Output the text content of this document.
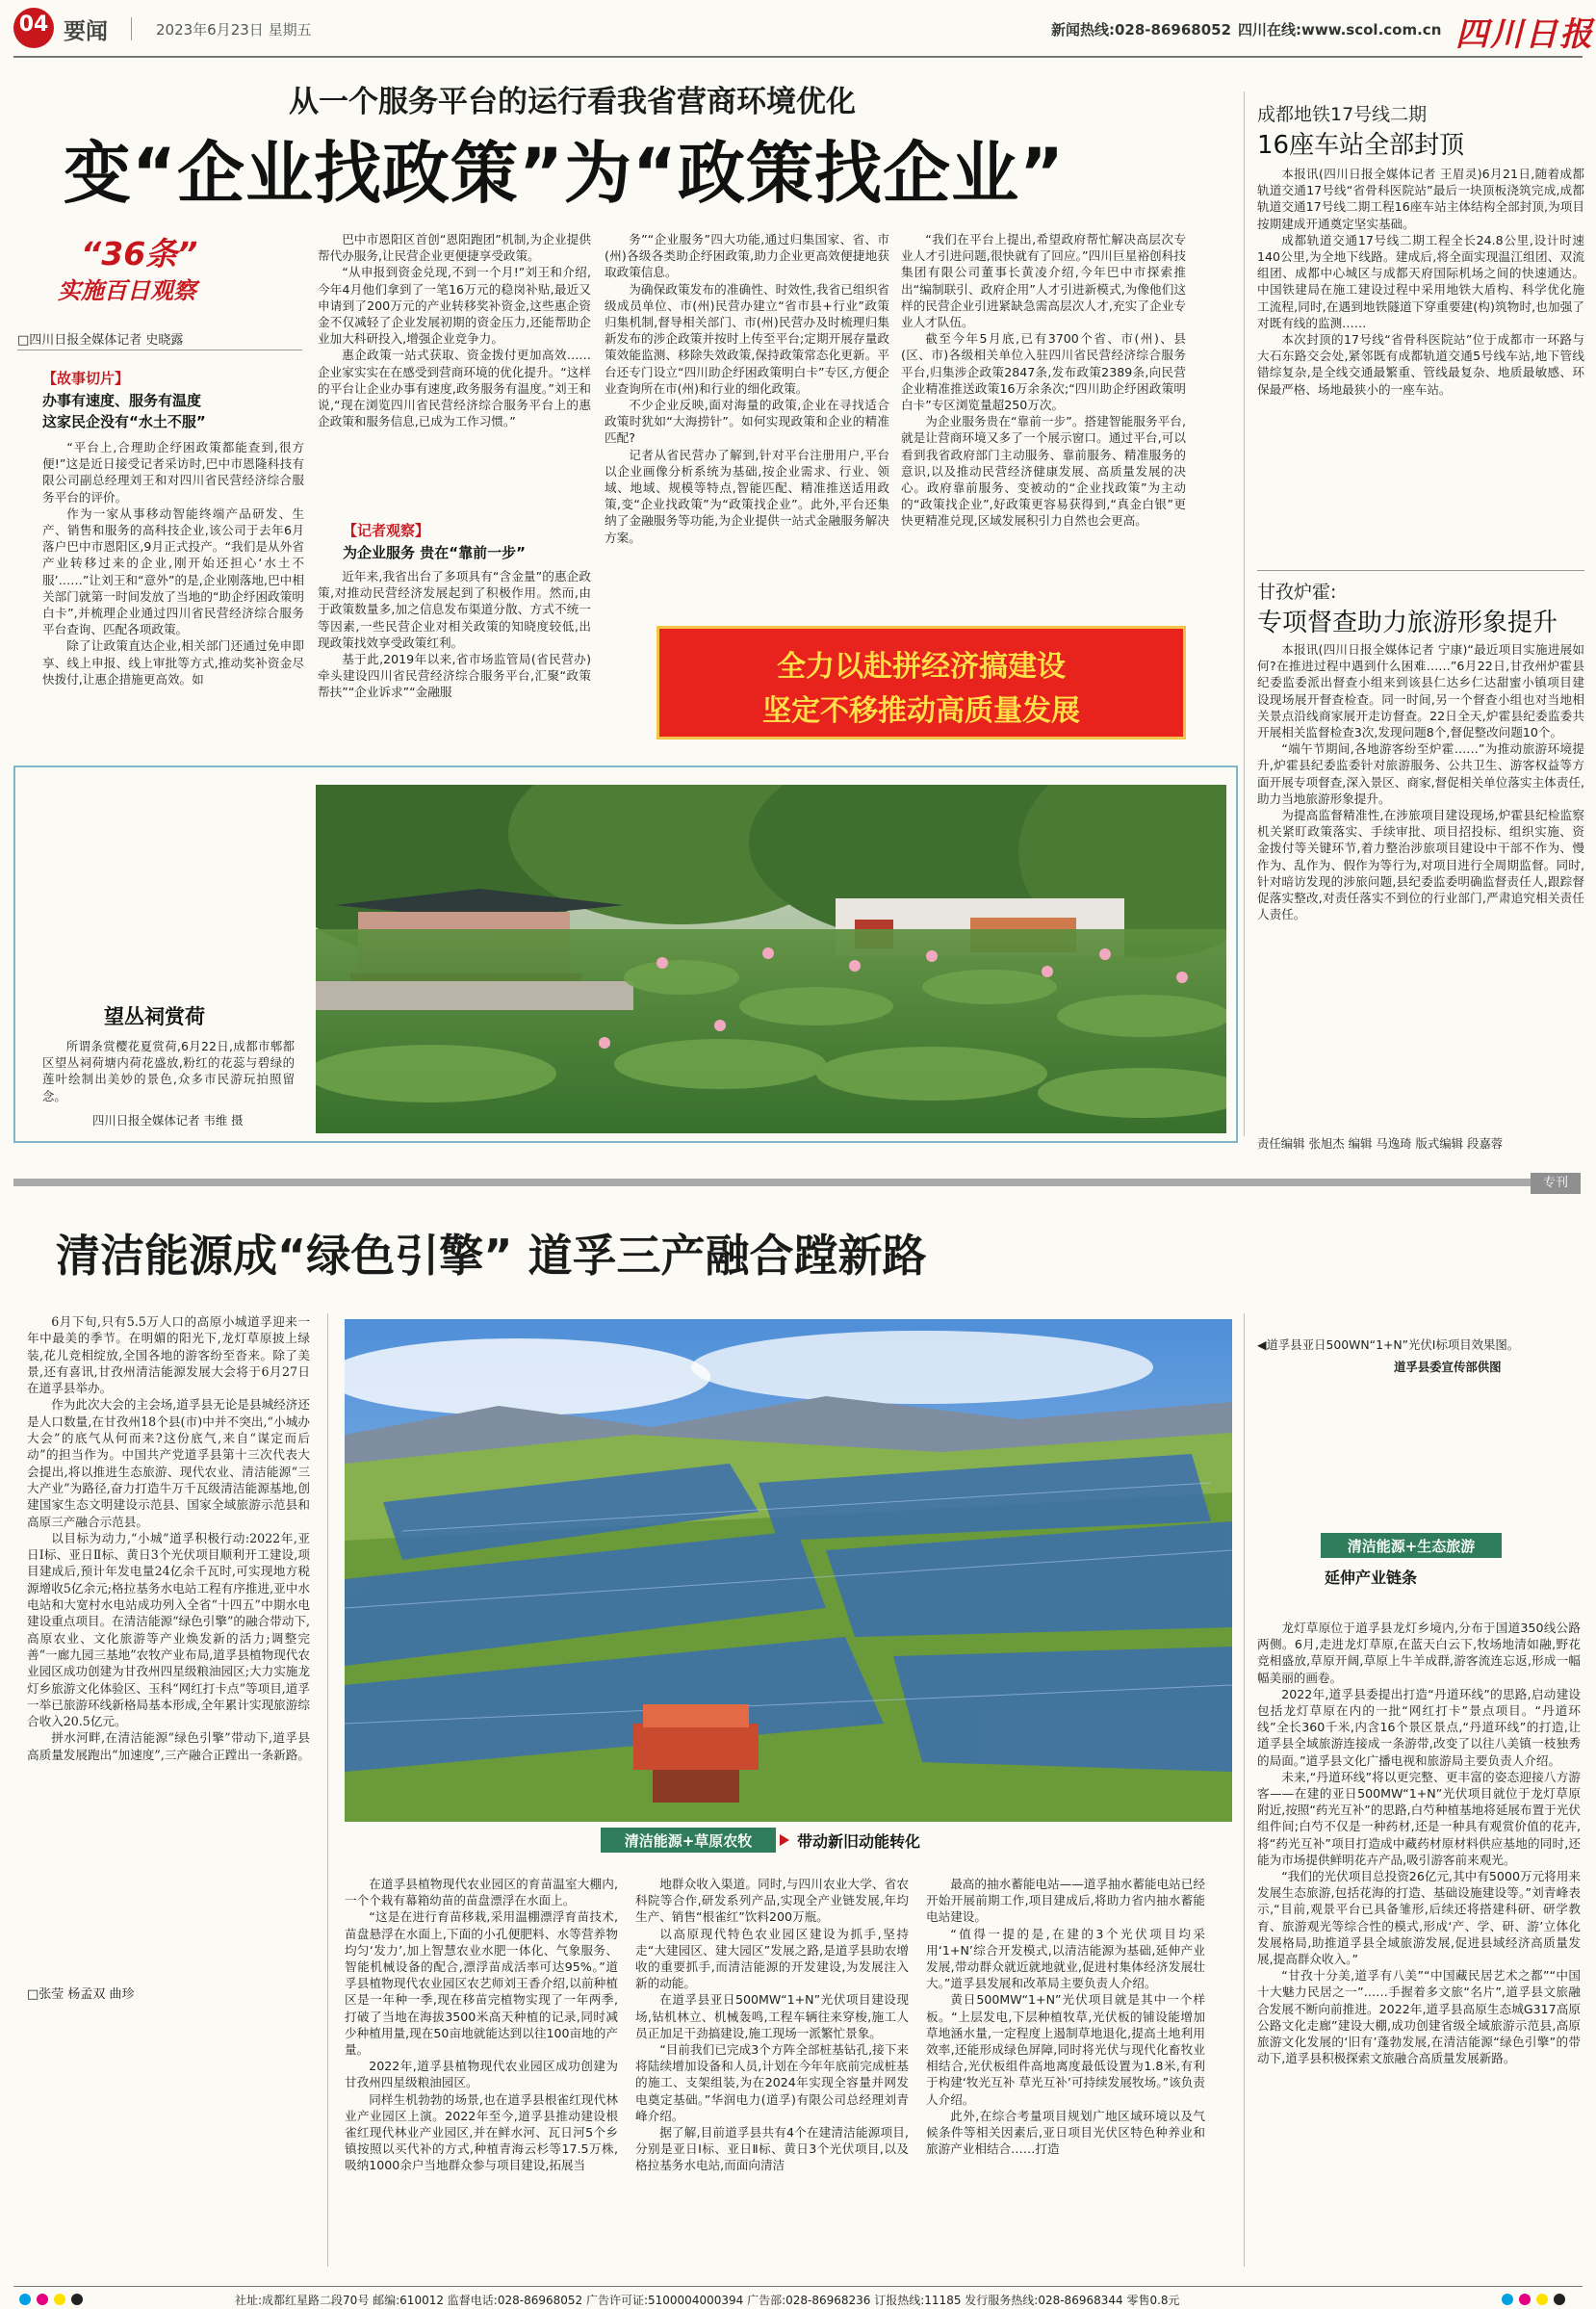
04 要闻	2023年6月23日 星期五	新闻热线:028-86968052 四川在线:www.scol.com.cn 四川日报
从一个服务平台的运行看我省营商环境优化
变“企业找政策”为“政策找企业”
“36条”
实施百日观察
□四川日报全媒体记者 史晓露
【故事切片】
办事有速度、服务有温度
这家民企没有“水土不服”

“平台上,合理助企纾困政策都能查到,很方便!”这是近日接受记者采访时,巴中市恩隆科技有限公司副总经理刘王和对四川省民营经济综合服务平台的评价。

作为一家从事移动智能终端产品研发、生产、销售和服务的高科技企业,该公司于去年6月落户巴中市恩阳区,9月正式投产。“我们是从外省产业转移过来的企业,刚开始还担心‘水土不服’……”让刘王和“意外”的是,企业刚落地,巴中相关部门就第一时间发放了当地的“助企纾困政策明白卡”,并梳理企业通过四川省民营经济综合服务平台查询、匹配各项政策。

除了让政策直达企业,相关部门还通过免申即享、线上申报、线上审批等方式,推动奖补资金尽快拨付,让惠企措施更高效。如

巴中市恩阳区首创“恩阳跑团”机制,为企业提供帮代办服务,让民营企业更便捷享受政策。

“从申报到资金兑现,不到一个月!”刘王和介绍,今年4月他们拿到了一笔16万元的稳岗补贴,最近又申请到了200万元的产业转移奖补资金,这些惠企资金不仅减轻了企业发展初期的资金压力,还能帮助企业加大科研投入,增强企业竞争力。

惠企政策一站式获取、资金拨付更加高效……企业家实实在在感受到营商环境的优化提升。“这样的平台让企业办事有速度,政务服务有温度。”刘王和说,“现在浏览四川省民营经济综合服务平台上的惠企政策和服务信息,已成为工作习惯。”

【记者观察】
为企业服务 贵在“靠前一步”

近年来,我省出台了多项具有“含金量”的惠企政策,对推动民营经济发展起到了积极作用。然而,由于政策数量多,加之信息发布渠道分散、方式不统一等因素,一些民营企业对相关政策的知晓度较低,出现政策找效享受政策红利。

基于此,2019年以来,省市场监管局(省民营办)牵头建设四川省民营经济综合服务平台,汇聚“政策帮扶”“企业诉求”“金融服

务”“企业服务”四大功能,通过归集国家、省、市(州)各级各类助企纾困政策,助力企业更高效便捷地获取政策信息。

为确保政策发布的准确性、时效性,我省已组织省级成员单位、市(州)民营办建立“省市县+行业”政策归集机制,督导相关部门、市(州)民营办及时梳理归集新发布的涉企政策并按时上传至平台;定期开展存量政策效能监测、移除失效政策,保持政策常态化更新。平台还专门设立“四川助企纾困政策明白卡”专区,方便企业查询所在市(州)和行业的细化政策。

不少企业反映,面对海量的政策,企业在寻找适合政策时犹如“大海捞针”。如何实现政策和企业的精准匹配?

记者从省民营办了解到,针对平台注册用户,平台以企业画像分析系统为基础,按企业需求、行业、领域、地域、规模等特点,智能匹配、精准推送适用政策,变“企业找政策”为“政策找企业”。此外,平台还集纳了金融服务等功能,为企业提供一站式金融服务解决方案。

“我们在平台上提出,希望政府帮忙解决高层次专业人才引进问题,很快就有了回应。”四川巨星裕创科技集团有限公司董事长黄凌介绍,今年巴中市探索推出“编制联引、政府企用”人才引进新模式,为像他们这样的民营企业引进紧缺急需高层次人才,充实了企业专业人才队伍。

截至今年5月底,已有3700个省、市(州)、县(区、市)各级相关单位入驻四川省民营经济综合服务平台,归集涉企政策2847条,发布政策2389条,向民营企业精准推送政策16万余条次;“四川助企纾困政策明白卡”专区浏览量超250万次。

为企业服务贵在“靠前一步”。搭建智能服务平台,就是让营商环境又多了一个展示窗口。通过平台,可以看到我省政府部门主动服务、靠前服务、精准服务的意识,以及推动民营经济健康发展、高质量发展的决心。政府靠前服务、变被动的“企业找政策”为主动的“政策找企业”,好政策更容易获得到,“真金白银”更快更精准兑现,区域发展积引力自然也会更高。

全力以赴拼经济搞建设
坚定不移推动高质量发展
成都地铁17号线二期
16座车站全部封顶

本报讯(四川日报全媒体记者 王眉灵)6月21日,随着成都轨道交通17号线“省骨科医院站”最后一块顶板浇筑完成,成都轨道交通17号线二期工程16座车站主体结构全部封顶,为项目按期建成开通奠定坚实基础。

成都轨道交通17号线二期工程全长24.8公里,设计时速140公里,为全地下线路。建成后,将全面实现温江组团、双流组团、成都中心城区与成都天府国际机场之间的快速通达。中国铁建局在施工建设过程中采用地铁大盾构、科学优化施工流程,同时,在遇到地铁隧道下穿重要建(构)筑物时,也加强了对既有线的监测……

本次封顶的17号线“省骨科医院站”位于成都市一环路与大石东路交会处,紧邻既有成都轨道交通5号线车站,地下管线错综复杂,是全线交通最繁重、管线最复杂、地质最敏感、环保最严格、场地最狭小的一座车站。

甘孜炉霍:
专项督查助力旅游形象提升

本报讯(四川日报全媒体记者 宁康)“最近项目实施进展如何?在推进过程中遇到什么困难……”6月22日,甘孜州炉霍县纪委监委派出督查小组来到该县仁达乡仁达甜蜜小镇项目建设现场展开督查检查。同一时间,另一个督查小组也对当地相关景点沿线商家展开走访督查。22日全天,炉霍县纪委监委共开展相关监督检查3次,发现问题8个,督促整改问题10个。

“端午节期间,各地游客纷至炉霍……”为推动旅游环境提升,炉霍县纪委监委针对旅游服务、公共卫生、游客权益等方面开展专项督查,深入景区、商家,督促相关单位落实主体责任,助力当地旅游形象提升。

为提高监督精准性,在涉旅项目建设现场,炉霍县纪检监察机关紧盯政策落实、手续审批、项目招投标、组织实施、资金拨付等关键环节,着力整治涉旅项目建设中干部不作为、慢作为、乱作为、假作为等行为,对项目进行全周期监督。同时,针对暗访发现的涉旅问题,县纪委监委明确监督责任人,跟踪督促落实整改,对责任落实不到位的行业部门,严肃追究相关责任人责任。

望丛祠赏荷
所谓条赏樱花夏赏荷,6月22日,成都市郫都区望丛祠荷塘内荷花盛放,粉红的花蕊与碧绿的莲叶绘制出美妙的景色,众多市民游玩拍照留念。
四川日报全媒体记者 韦维 摄
专刊
责任编辑 张旭杰 编辑 马逸琦 版式编辑 段嘉蓉
清洁能源成“绿色引擎” 道孚三产融合蹚新路

6月下旬,只有5.5万人口的高原小城道孚迎来一年中最美的季节。在明媚的阳光下,龙灯草原披上绿装,花儿竞相绽放,全国各地的游客纷至沓来。除了美景,还有喜讯,甘孜州清洁能源发展大会将于6月27日在道孚县举办。

作为此次大会的主会场,道孚县无论是县城经济还是人口数量,在甘孜州18个县(市)中并不突出,“小城办大会”的底气从何而来?这份底气,来自“谋定而后动”的担当作为。中国共产党道孚县第十三次代表大会提出,将以推进生态旅游、现代农业、清洁能源“三大产业”为路径,奋力打造牛万千瓦级清洁能源基地,创建国家生态文明建设示范县、国家全域旅游示范县和高原三产融合示范县。

以目标为动力,“小城”道孚积极行动:2022年,亚日Ⅰ标、亚日Ⅱ标、黄日3个光伏项目顺利开工建设,项目建成后,预计年发电量24亿余千瓦时,可实现地方税源增收5亿余元;格拉基务水电站工程有序推进,亚中水电站和大宽村水电站成功列入全省“十四五”中期水电建设重点项目。在清洁能源“绿色引擎”的融合带动下,高原农业、文化旅游等产业焕发新的活力;调整完善“一廊九园三基地”农牧产业布局,道孚县植物现代农业园区成功创建为甘孜州四星级粮油园区;大力实施龙灯乡旅游文化体验区、玉科“网红打卡点”等项目,道孚一举已旅游环线新格局基本形成,全年累计实现旅游综合收入20.5亿元。

拼水河畔,在清洁能源“绿色引擎”带动下,道孚县高质量发展跑出“加速度”,三产融合正蹚出一条新路。

□张莹 杨孟双 曲珍
清洁能源+草原农牧	带动新旧动能转化

在道孚县植物现代农业园区的育苗温室大棚内,一个个栽有幕箱幼苗的苗盘漂浮在水面上。

“这是在进行育苗移栽,采用温棚漂浮育苗技术,苗盘悬浮在水面上,下面的小孔便肥料、水等营养物均匀‘发力’,加上智慧农业水肥一体化、气象服务、智能机械设备的配合,漂浮苗成活率可达95%。”道孚县植物现代农业园区农艺师刘王香介绍,以前种植区是一年种一季,现在移苗完植物实现了一年两季,打破了当地在海拔3500米高天种植的记录,同时减少种植用量,现在50亩地就能达到以往100亩地的产量。

2022年,道孚县植物现代农业园区成功创建为甘孜州四星级粮油园区。

同样生机勃勃的场景,也在道孚县根雀红现代林业产业园区上演。2022年至今,道孚县推动建设根雀红现代林业产业园区,并在鲜水河、瓦日河5个乡镇按照以买代补的方式,种植青海云杉等17.5万株,吸纳1000余户当地群众参与项目建设,拓展当

地群众收入渠道。同时,与四川农业大学、省农科院等合作,研发系列产品,实现全产业链发展,年均生产、销售“根雀红”饮料200万瓶。

以高原现代特色农业园区建设为抓手,坚持走“大建园区、建大园区”发展之路,是道孚县助农增收的重要抓手,而清洁能源的开发建设,为发展注入新的动能。

在道孚县亚日500MW“1+N”光伏项目建设现场,钻机林立、机械轰鸣,工程车辆往来穿梭,施工人员正加足干劲搞建设,施工现场一派繁忙景象。

“目前我们已完成3个方阵全部桩基钻孔,接下来将陆续增加设备和人员,计划在今年年底前完成桩基的施工、支架组装,为在2024年实现全容量并网发电奠定基础。”华润电力(道孚)有限公司总经理刘青峰介绍。

据了解,目前道孚县共有4个在建清洁能源项目,分别是亚日Ⅰ标、亚日Ⅱ标、黄日3个光伏项目,以及格拉基务水电站,而面向清洁

最高的抽水蓄能电站——道孚抽水蓄能电站已经开始开展前期工作,项目建成后,将助力省内抽水蓄能电站建设。

“值得一提的是,在建的3个光伏项目均采用‘1+N’综合开发模式,以清洁能源为基础,延伸产业发展,带动群众就近就地就业,促进村集体经济发展壮大。”道孚县发展和改革局主要负责人介绍。

黄日500MW“1+N”光伏项目就是其中一个样板。“上层发电,下层种植牧草,光伏板的铺设能增加草地涵水量,一定程度上遏制草地退化,提高土地利用效率,还能形成绿色屏障,同时将光伏与现代化畜牧业相结合,光伏板组件高地离度最低设置为1.8米,有利于构建‘牧光互补 草光互补’可持续发展牧场。”该负责人介绍。

此外,在综合考量项目规划广地区域环境以及气候条件等相关因素后,亚日项目光伏区特色种养业和旅游产业相结合……打造

◀道孚县亚日500WN“1+N”光伏Ⅰ标项目效果图。
道孚县委宣传部供图
清洁能源+生态旅游
延伸产业链条

龙灯草原位于道孚县龙灯乡境内,分布于国道350线公路两侧。6月,走进龙灯草原,在蓝天白云下,牧场地清如融,野花竞相盛放,草原开阔,草原上牛羊成群,游客流连忘返,形成一幅幅美丽的画卷。

2022年,道孚县委提出打造“丹道环线”的思路,启动建设包括龙灯草原在内的一批“网红打卡”景点项目。“丹道环线”全长360千米,内含16个景区景点,“丹道环线”的打造,让道孚县全域旅游连接成一条游带,改变了以往八美镇一枝独秀的局面。”道孚县文化广播电视和旅游局主要负责人介绍。

未来,“丹道环线”将以更完整、更丰富的姿态迎接八方游客——在建的亚日500MW“1+N”光伏项目就位于龙灯草原附近,按照“药光互补”的思路,白芍种植基地将延展布置于光伏组件间;白芍不仅是一种药材,还是一种具有观赏价值的花卉,将“药光互补”项目打造成中藏药材原材料供应基地的同时,还能为市场提供鲜明花卉产品,吸引游客前来观光。

“我们的光伏项目总投资26亿元,其中有5000万元将用来发展生态旅游,包括花海的打造、基础设施建设等。”刘青峰表示,“目前,观景平台已具备雏形,后续还将搭建科研、研学教育、旅游观光等综合性的模式,形成‘产、学、研、游’立体化发展格局,助推道孚县全域旅游发展,促进县域经济高质量发展,提高群众收入。”

“甘孜十分美,道孚有八美”“中国藏民居艺术之都”“中国十大魅力民居之一”……手握着多文旅“名片”,道孚县文旅融合发展不断向前推进。2022年,道孚县高原生态城G317高原公路文化走廊”建设大棚,成功创建省级全域旅游示范县,高原旅游文化发展的‘旧有’蓬勃发展,在清洁能源“绿色引擎”的带动下,道孚县积极探索文旅融合高质量发展新路。

社址:成都红星路二段70号 邮编:610012 监督电话:028-86968052 广告许可证:5100004000394 广告部:028-86968236 订报热线:11185 发行服务热线:028-86968344 零售0.8元
